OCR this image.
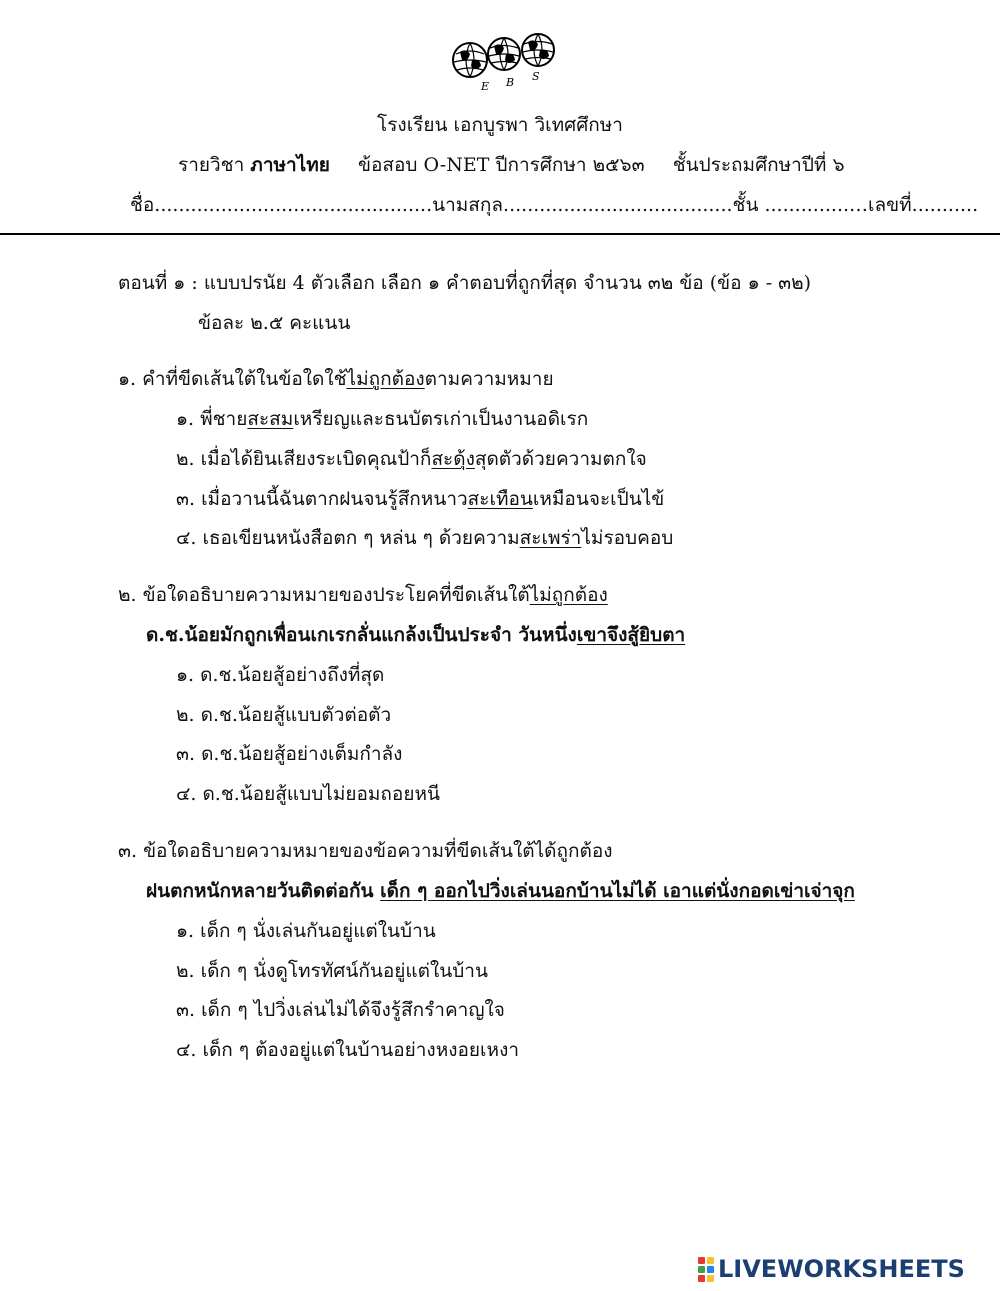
E B S
โรงเรียน เอกบูรพา วิเทศศึกษา
รายวิชา ภาษาไทย ข้อสอบ O-NET ปีการศึกษา ๒๕๖๓ ชั้นประถมศึกษาปีที่ ๖
ชื่อ..............................................นามสกุล......................................ชั้น ..............…เลขที่...........
ตอนที่ ๑ : แบบปรนัย 4 ตัวเลือก เลือก ๑ คำตอบที่ถูกที่สุด จำนวน ๓๒ ข้อ (ข้อ ๑ - ๓๒)
ข้อละ ๒.๕ คะแนน
๑. คำที่ขีดเส้นใต้ในข้อใดใช้ไม่ถูกต้องตามความหมาย
๑. พี่ชายสะสมเหรียญและธนบัตรเก่าเป็นงานอดิเรก
๒. เมื่อได้ยินเสียงระเบิดคุณป้าก็สะดุ้งสุดตัวด้วยความตกใจ
๓. เมื่อวานนี้ฉันตากฝนจนรู้สึกหนาวสะเทือนเหมือนจะเป็นไข้
๔. เธอเขียนหนังสือตก ๆ หล่น ๆ ด้วยความสะเพร่าไม่รอบคอบ
๒. ข้อใดอธิบายความหมายของประโยคที่ขีดเส้นใต้ไม่ถูกต้อง
ด.ช.น้อยมักถูกเพื่อนเกเรกลั่นแกล้งเป็นประจำ วันหนึ่งเขาจึงสู้ยิบตา
๑. ด.ช.น้อยสู้อย่างถึงที่สุด
๒. ด.ช.น้อยสู้แบบตัวต่อตัว
๓. ด.ช.น้อยสู้อย่างเต็มกำลัง
๔. ด.ช.น้อยสู้แบบไม่ยอมถอยหนี
๓. ข้อใดอธิบายความหมายของข้อความที่ขีดเส้นใต้ได้ถูกต้อง
ฝนตกหนักหลายวันติดต่อกัน เด็ก ๆ ออกไปวิ่งเล่นนอกบ้านไม่ได้ เอาแต่นั่งกอดเข่าเจ่าจุก
๑. เด็ก ๆ นั่งเล่นกันอยู่แต่ในบ้าน
๒. เด็ก ๆ นั่งดูโทรทัศน์กันอยู่แต่ในบ้าน
๓. เด็ก ๆ ไปวิ่งเล่นไม่ได้จึงรู้สึกรำคาญใจ
๔. เด็ก ๆ ต้องอยู่แต่ในบ้านอย่างหงอยเหงา
LIVEWORKSHEETS
